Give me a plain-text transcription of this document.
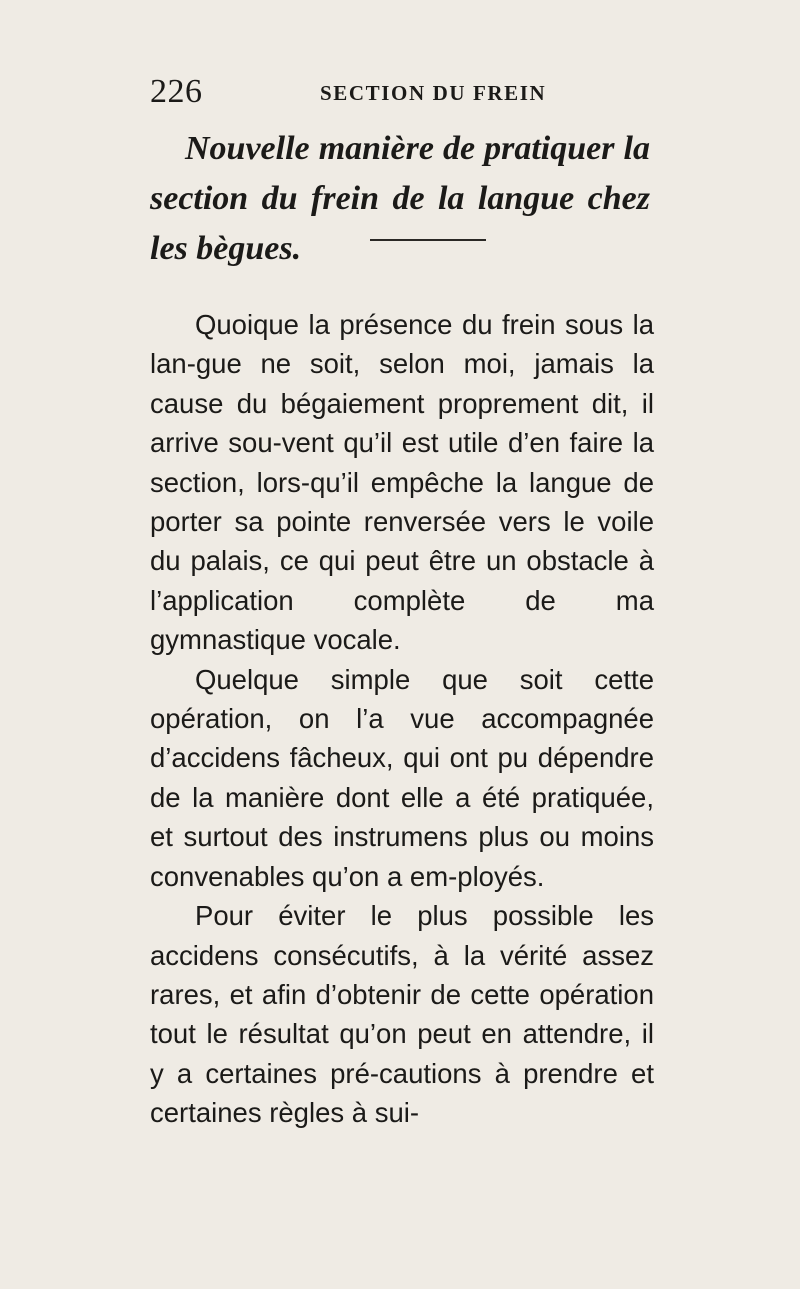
226	SECTION DU FREIN
Nouvelle manière de pratiquer la section du frein de la langue chez les bègues.

Quoique la présence du frein sous la lan-gue ne soit, selon moi, jamais la cause du bégaiement proprement dit, il arrive sou-vent qu’il est utile d’en faire la section, lors-qu’il empêche la langue de porter sa pointe renversée vers le voile du palais, ce qui peut être un obstacle à l’application complète de ma gymnastique vocale.

Quelque simple que soit cette opération, on l’a vue accompagnée d’accidens fâcheux, qui ont pu dépendre de la manière dont elle a été pratiquée, et surtout des instrumens plus ou moins convenables qu’on a em-ployés.

Pour éviter le plus possible les accidens consécutifs, à la vérité assez rares, et afin d’obtenir de cette opération tout le résultat qu’on peut en attendre, il y a certaines pré-cautions à prendre et certaines règles à sui-
